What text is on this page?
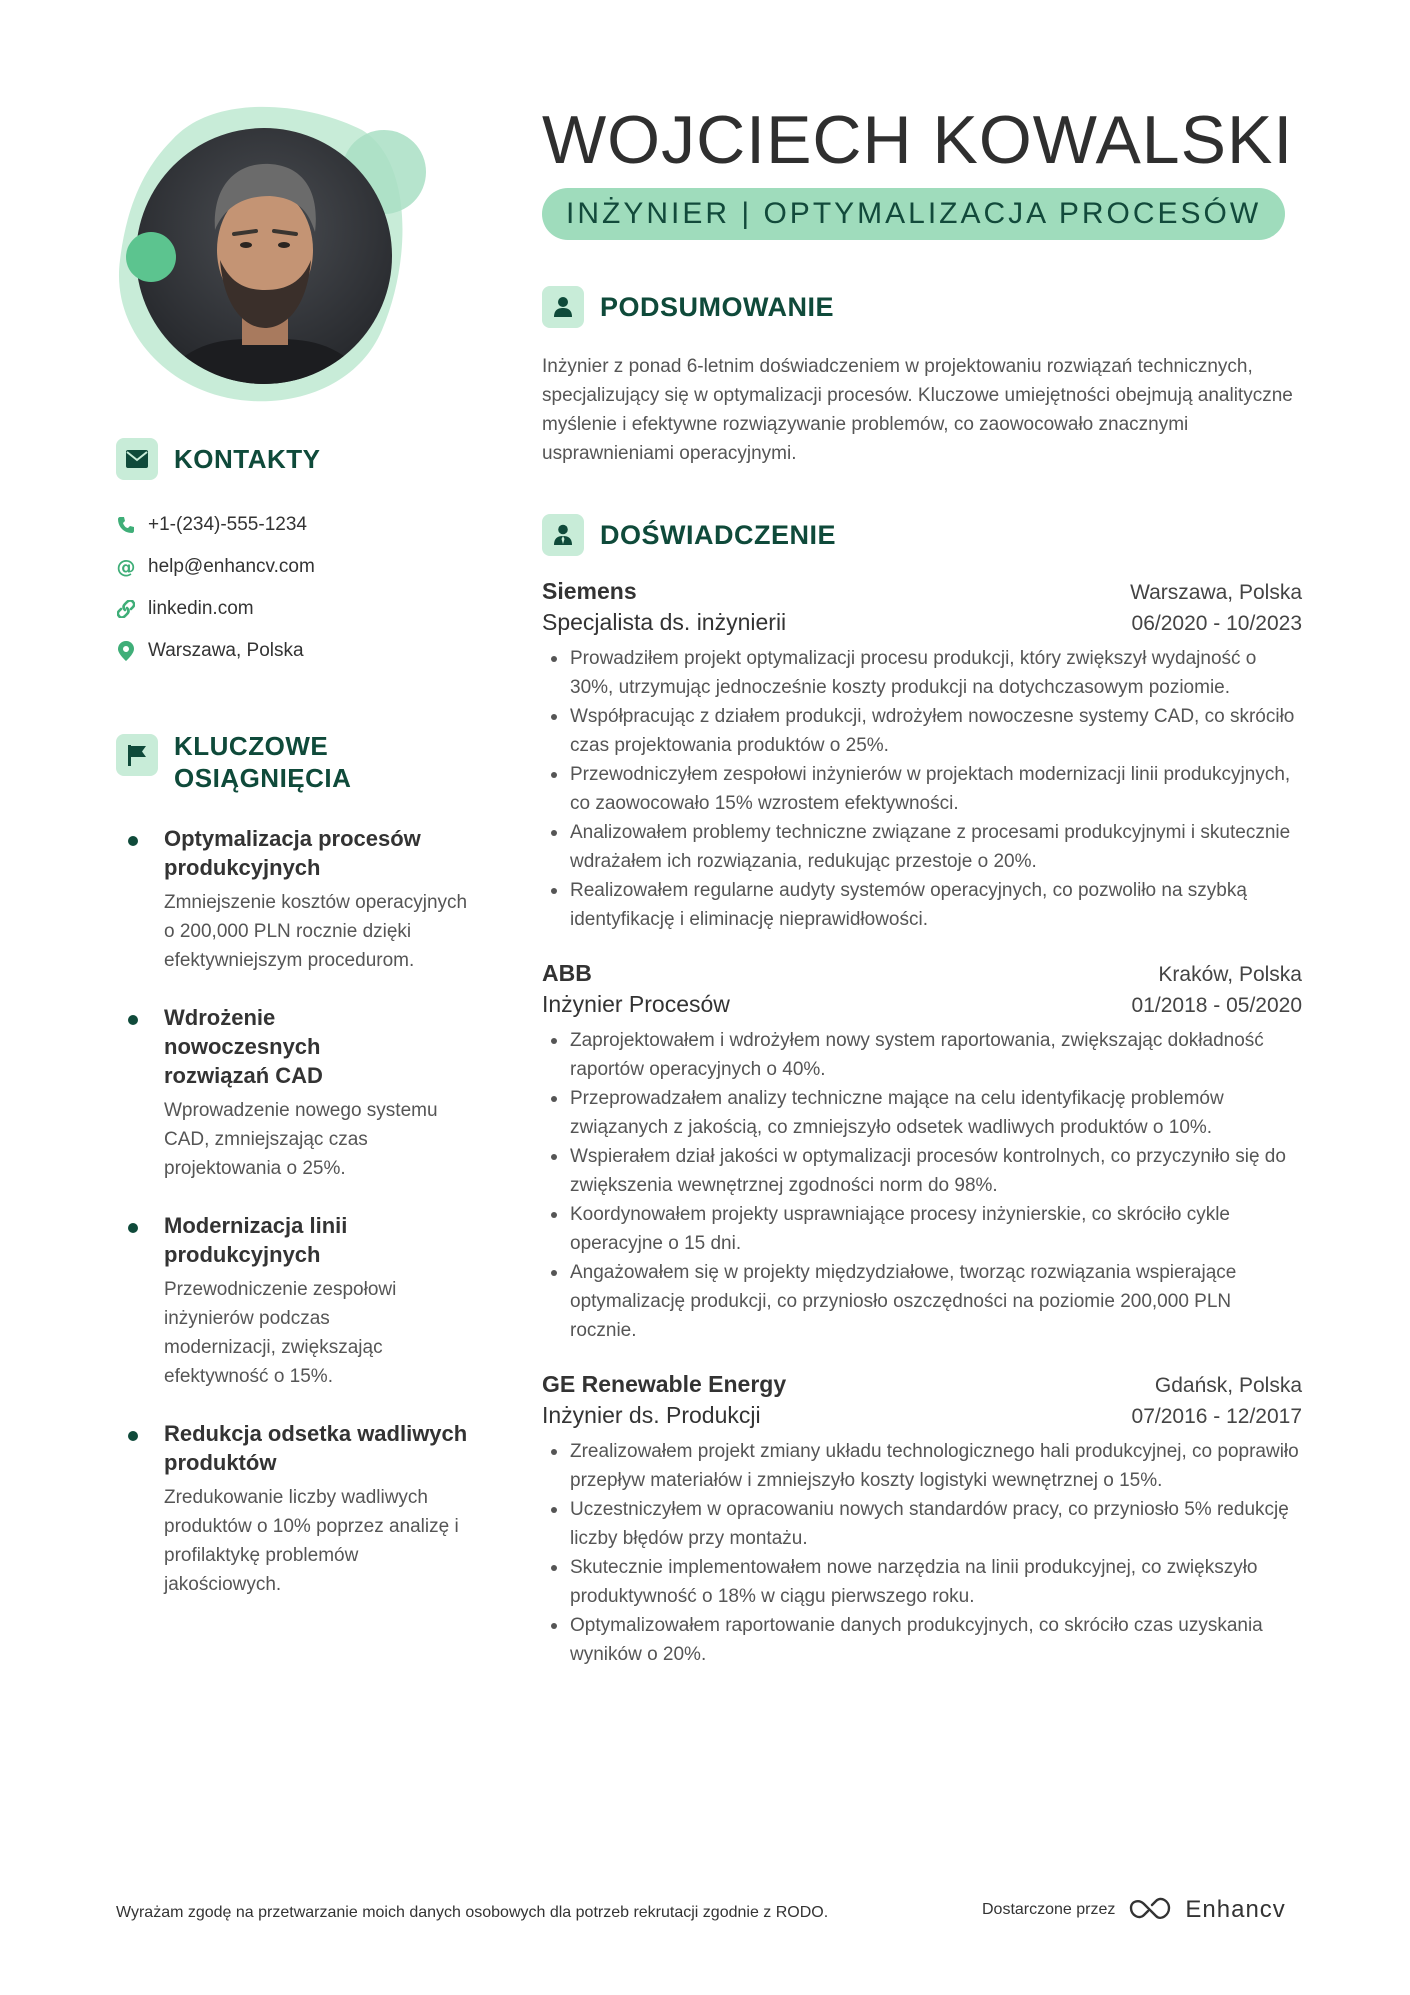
KONTAKTY
+1-(234)-555-1234
@ help@enhancv.com
linkedin.com
Warszawa, Polska
KLUCZOWE
OSIĄGNIĘCIA
Optymalizacja procesów produkcyjnych
Zmniejszenie kosztów operacyjnych o 200,000 PLN rocznie dzięki efektywniejszym procedurom.
Wdrożenie nowoczesnych rozwiązań CAD
Wprowadzenie nowego systemu CAD, zmniejszając czas projektowania o 25%.
Modernizacja linii produkcyjnych
Przewodniczenie zespołowi inżynierów podczas modernizacji, zwiększając efektywność o 15%.
Redukcja odsetka wadliwych produktów
Zredukowanie liczby wadliwych produktów o 10% poprzez analizę i profilaktykę problemów jakościowych.
WOJCIECH KOWALSKI
INŻYNIER | OPTYMALIZACJA PROCESÓW
PODSUMOWANIE
Inżynier z ponad 6-letnim doświadczeniem w projektowaniu rozwiązań technicznych, specjalizujący się w optymalizacji procesów. Kluczowe umiejętności obejmują analityczne myślenie i efektywne rozwiązywanie problemów, co zaowocowało znacznymi usprawnieniami operacyjnymi.
DOŚWIADCZENIE
Siemens	Warszawa, Polska
Specjalista ds. inżynierii	06/2020 - 10/2023
Prowadziłem projekt optymalizacji procesu produkcji, który zwiększył wydajność o 30%, utrzymując jednocześnie koszty produkcji na dotychczasowym poziomie.
Współpracując z działem produkcji, wdrożyłem nowoczesne systemy CAD, co skróciło czas projektowania produktów o 25%.
Przewodniczyłem zespołowi inżynierów w projektach modernizacji linii produkcyjnych, co zaowocowało 15% wzrostem efektywności.
Analizowałem problemy techniczne związane z procesami produkcyjnymi i skutecznie wdrażałem ich rozwiązania, redukując przestoje o 20%.
Realizowałem regularne audyty systemów operacyjnych, co pozwoliło na szybką identyfikację i eliminację nieprawidłowości.
ABB	Kraków, Polska
Inżynier Procesów	01/2018 - 05/2020
Zaprojektowałem i wdrożyłem nowy system raportowania, zwiększając dokładność raportów operacyjnych o 40%.
Przeprowadzałem analizy techniczne mające na celu identyfikację problemów związanych z jakością, co zmniejszyło odsetek wadliwych produktów o 10%.
Wspierałem dział jakości w optymalizacji procesów kontrolnych, co przyczyniło się do zwiększenia wewnętrznej zgodności norm do 98%.
Koordynowałem projekty usprawniające procesy inżynierskie, co skróciło cykle operacyjne o 15 dni.
Angażowałem się w projekty międzydziałowe, tworząc rozwiązania wspierające optymalizację produkcji, co przyniosło oszczędności na poziomie 200,000 PLN rocznie.
GE Renewable Energy	Gdańsk, Polska
Inżynier ds. Produkcji	07/2016 - 12/2017
Zrealizowałem projekt zmiany układu technologicznego hali produkcyjnej, co poprawiło przepływ materiałów i zmniejszyło koszty logistyki wewnętrznej o 15%.
Uczestniczyłem w opracowaniu nowych standardów pracy, co przyniosło 5% redukcję liczby błędów przy montażu.
Skutecznie implementowałem nowe narzędzia na linii produkcyjnej, co zwiększyło produktywność o 18% w ciągu pierwszego roku.
Optymalizowałem raportowanie danych produkcyjnych, co skróciło czas uzyskania wyników o 20%.
Wyrażam zgodę na przetwarzanie moich danych osobowych dla potrzeb rekrutacji zgodnie z RODO.	Dostarczone przez	Enhancv
